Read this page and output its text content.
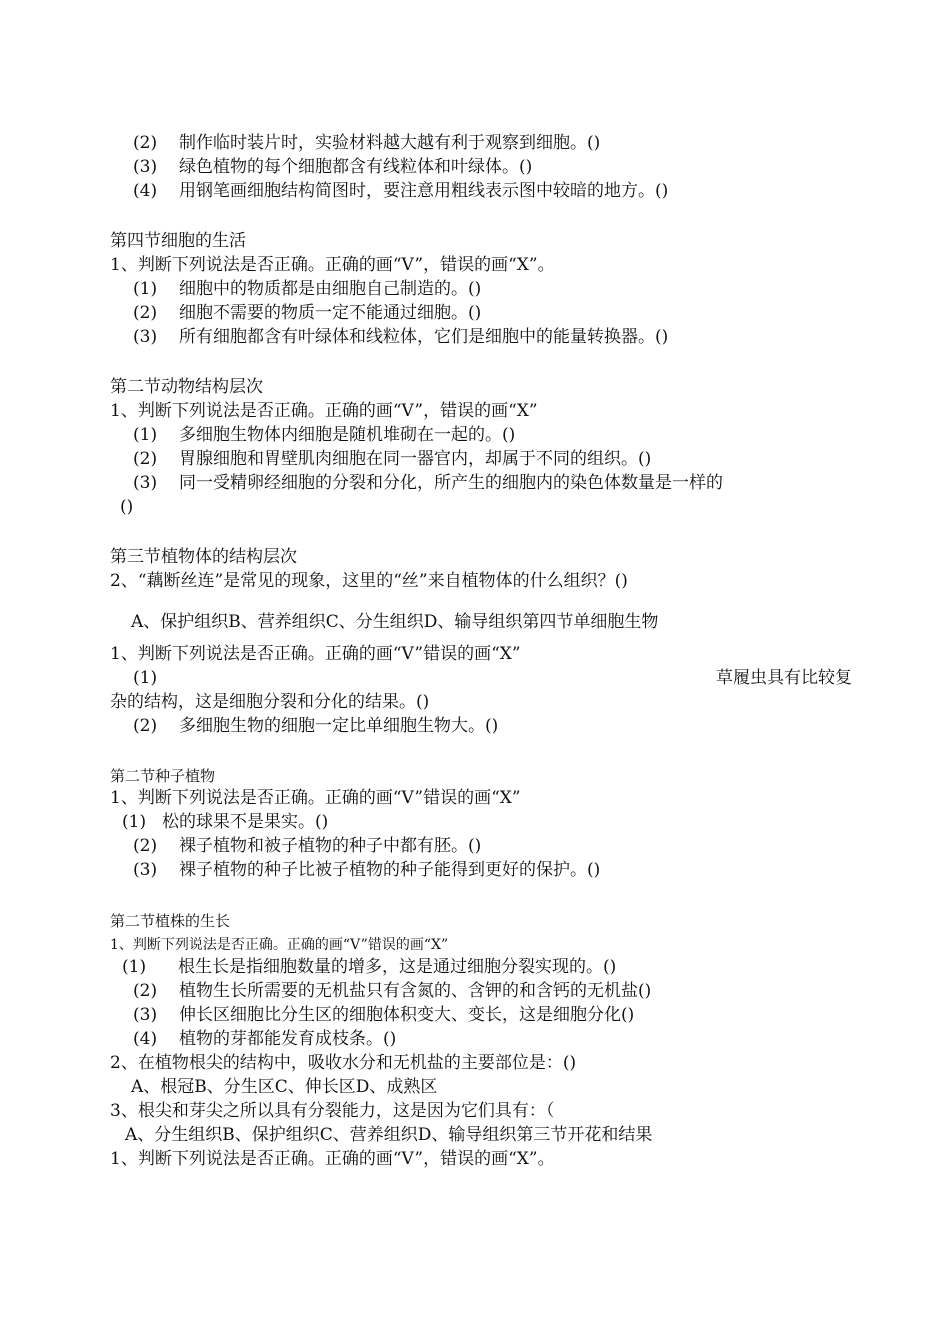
(2) 制作临时装片时，实验材料越大越有利于观察到细胞。()
(3) 绿色植物的每个细胞都含有线粒体和叶绿体。()
(4) 用钢笔画细胞结构简图时，要注意用粗线表示图中较暗的地方。()
第四节细胞的生活
1、判断下列说法是否正确。正确的画“V”，错误的画“X”。
(1) 细胞中的物质都是由细胞自己制造的。()
(2) 细胞不需要的物质一定不能通过细胞。()
(3) 所有细胞都含有叶绿体和线粒体，它们是细胞中的能量转换器。()
第二节动物结构层次
1、判断下列说法是否正确。正确的画“V”，错误的画“X”
(1) 多细胞生物体内细胞是随机堆砌在一起的。()
(2) 胃腺细胞和胃壁肌肉细胞在同一器官内，却属于不同的组织。()
(3) 同一受精卵经细胞的分裂和分化，所产生的细胞内的染色体数量是一样的
()
第三节植物体的结构层次
2、“藕断丝连”是常见的现象，这里的“丝”来自植物体的什么组织？()
A、保护组织B、营养组织C、分生组织D、输导组织第四节单细胞生物
1、判断下列说法是否正确。正确的画“V”错误的画“X”
(1)	草履虫具有比较复
杂的结构，这是细胞分裂和分化的结果。()
(2) 多细胞生物的细胞一定比单细胞生物大。()
第二节种子植物
1、判断下列说法是否正确。正确的画“V”错误的画“X”
(1) 松的球果不是果实。()
(2) 裸子植物和被子植物的种子中都有胚。()
(3) 裸子植物的种子比被子植物的种子能得到更好的保护。()
第二节植株的生长
1、判断下列说法是否正确。正确的画“V”错误的画“X”
(1) 根生长是指细胞数量的增多，这是通过细胞分裂实现的。()
(2) 植物生长所需要的无机盐只有含氮的、含钾的和含钙的无机盐()
(3) 伸长区细胞比分生区的细胞体积变大、变长，这是细胞分化()
(4) 植物的芽都能发育成枝条。()
2、在植物根尖的结构中，吸收水分和无机盐的主要部位是：()
A、根冠B、分生区C、伸长区D、成熟区
3、根尖和芽尖之所以具有分裂能力，这是因为它们具有：（
A、分生组织B、保护组织C、营养组织D、输导组织第三节开花和结果
1、判断下列说法是否正确。正确的画“V”，错误的画“X”。
